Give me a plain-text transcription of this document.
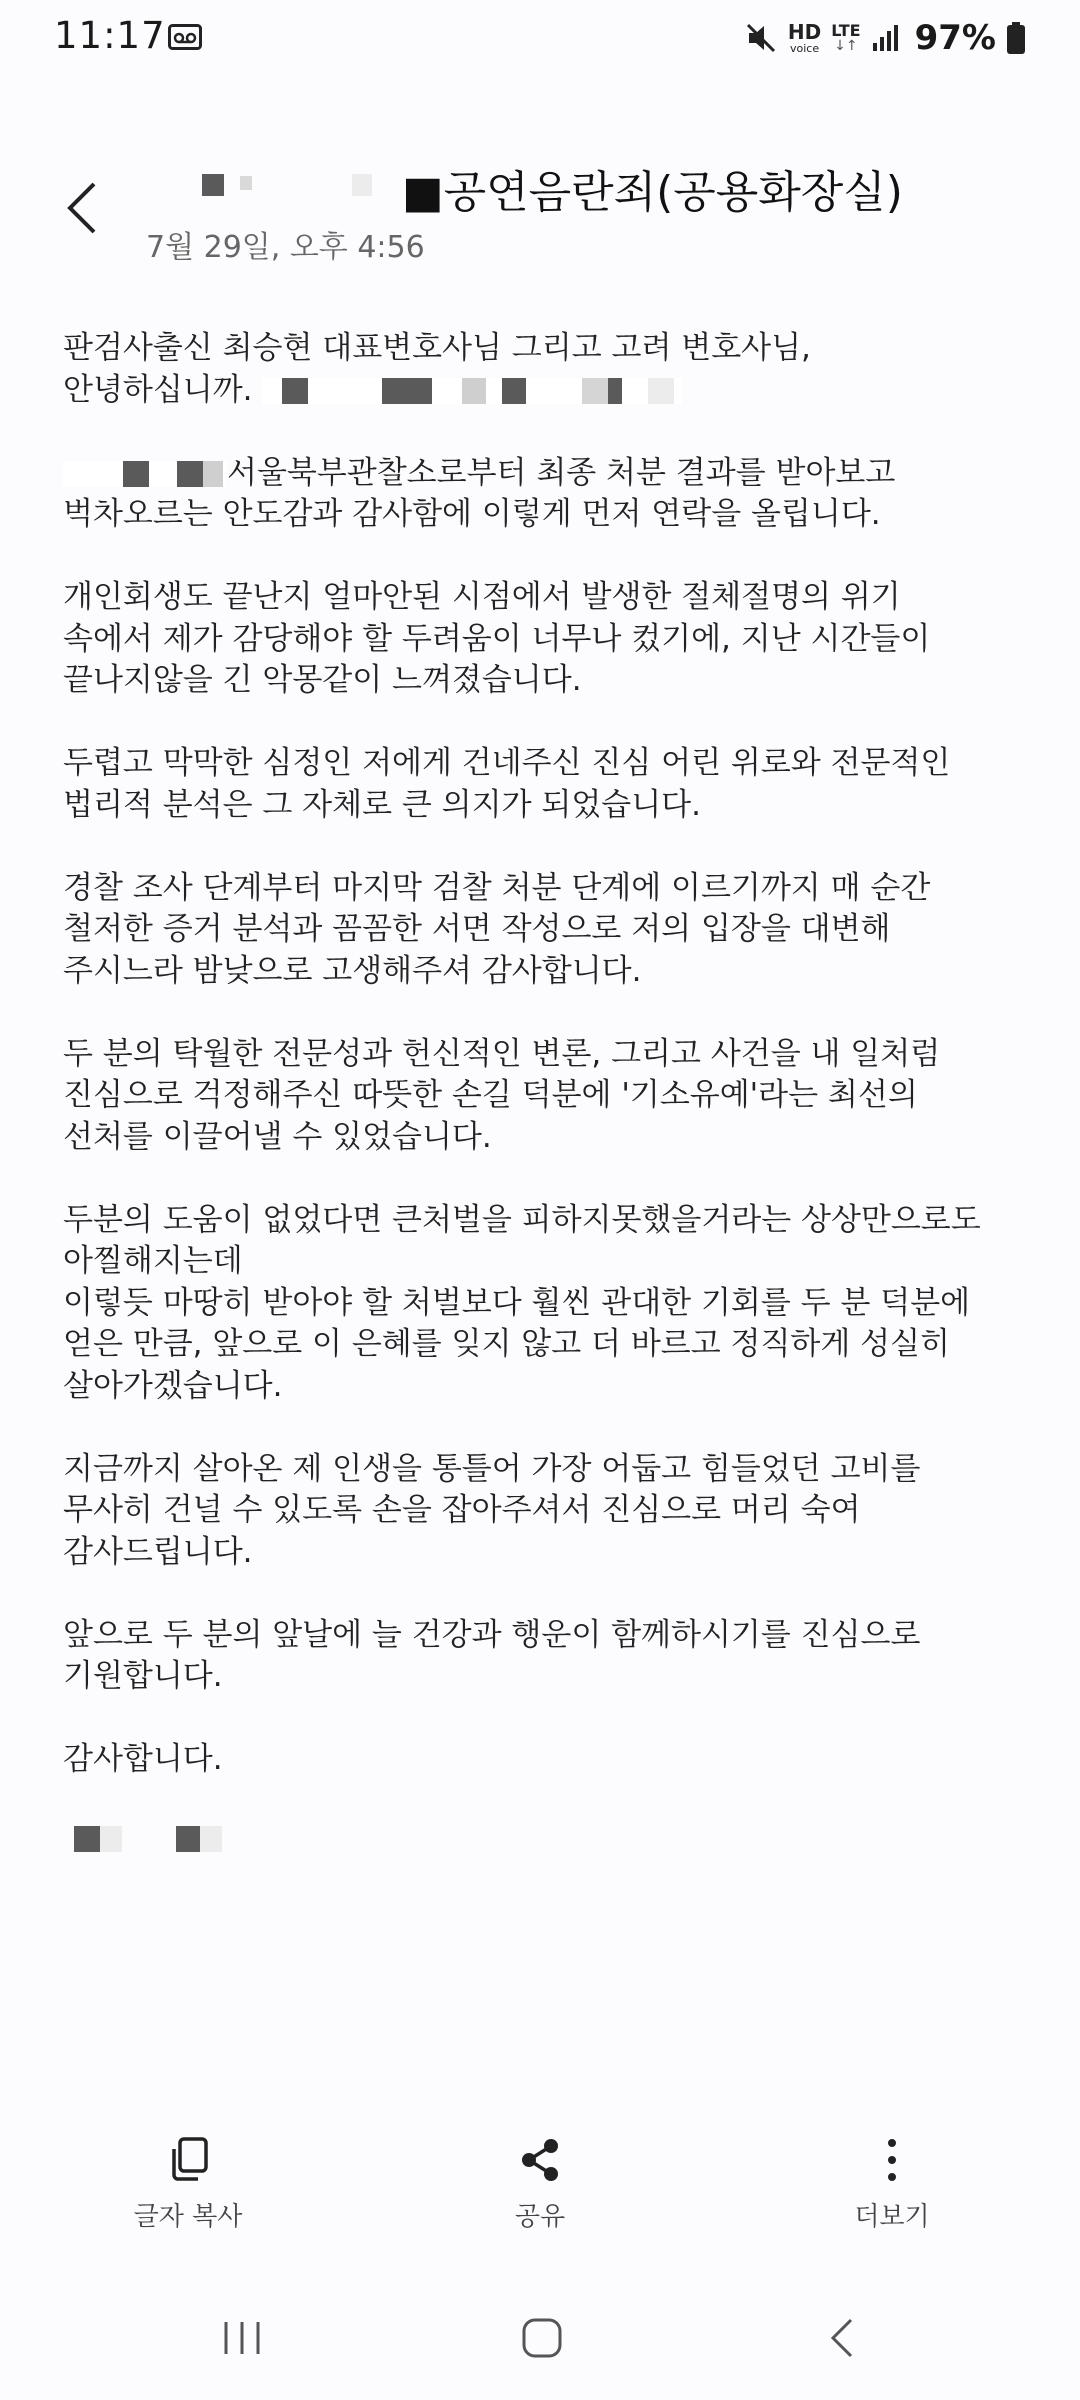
11:17	HD
voice
LTE
↓↑ 97%
■공연음란죄(공용화장실)
7월 29일, 오후 4:56

판검사출신 최승현 대표변호사님 그리고 고려 변호사님,

안녕하십니까.

서울북부관찰소로부터 최종 처분 결과를 받아보고
벅차오르는 안도감과 감사함에 이렇게 먼저 연락을 올립니다.

개인회생도 끝난지 얼마안된 시점에서 발생한 절체절명의 위기
속에서 제가 감당해야 할 두려움이 너무나 컸기에, 지난 시간들이
끝나지않을 긴 악몽같이 느껴졌습니다.

두렵고 막막한 심정인 저에게 건네주신 진심 어린 위로와 전문적인
법리적 분석은 그 자체로 큰 의지가 되었습니다.

경찰 조사 단계부터 마지막 검찰 처분 단계에 이르기까지 매 순간
철저한 증거 분석과 꼼꼼한 서면 작성으로 저의 입장을 대변해
주시느라 밤낮으로 고생해주셔 감사합니다.

두 분의 탁월한 전문성과 헌신적인 변론, 그리고 사건을 내 일처럼
진심으로 걱정해주신 따뜻한 손길 덕분에 '기소유예'라는 최선의
선처를 이끌어낼 수 있었습니다.

두분의 도움이 없었다면 큰처벌을 피하지못했을거라는 상상만으로도
아찔해지는데
이렇듯 마땅히 받아야 할 처벌보다 훨씬 관대한 기회를 두 분 덕분에
얻은 만큼, 앞으로 이 은혜를 잊지 않고 더 바르고 정직하게 성실히
살아가겠습니다.

지금까지 살아온 제 인생을 통틀어 가장 어둡고 힘들었던 고비를
무사히 건널 수 있도록 손을 잡아주셔서 진심으로 머리 숙여
감사드립니다.

앞으로 두 분의 앞날에 늘 건강과 행운이 함께하시기를 진심으로
기원합니다.

감사합니다.

글자 복사	공유	더보기
